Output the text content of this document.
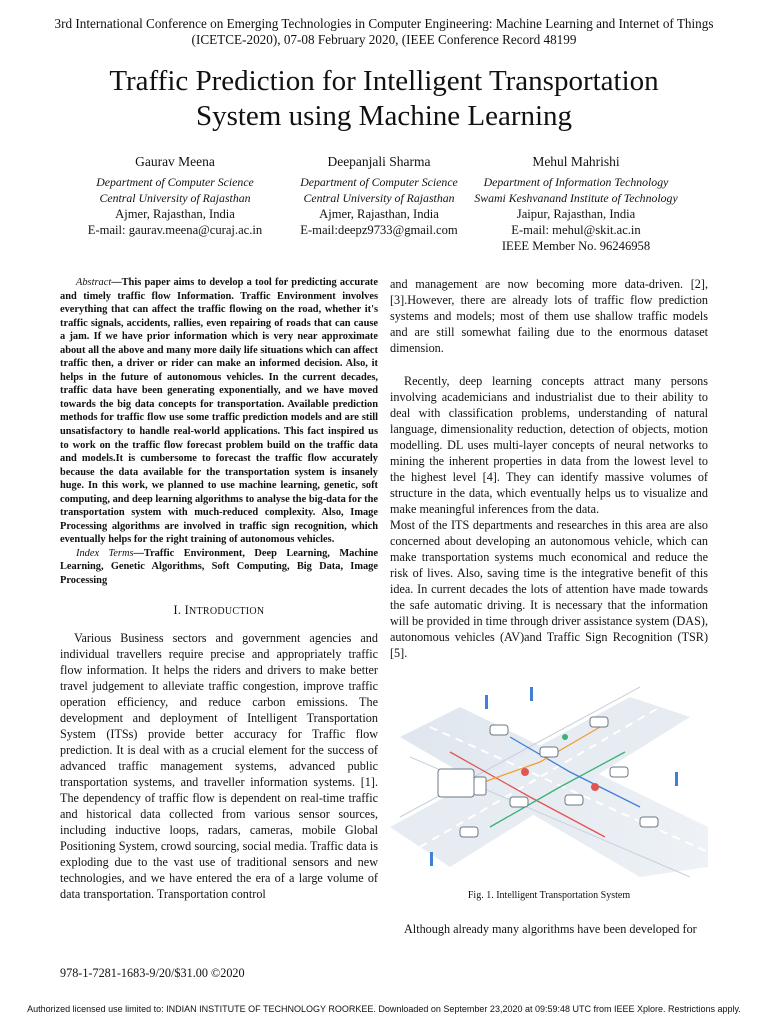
3rd International Conference on Emerging Technologies in Computer Engineering: Machine Learning and Internet of Things
(ICETCE-2020), 07-08 February 2020, (IEEE Conference Record 48199
Traffic Prediction for Intelligent Transportation
System using Machine Learning
Gaurav Meena
Department of Computer Science
Central University of Rajasthan
Ajmer, Rajasthan, India
E-mail: gaurav.meena@curaj.ac.in
Deepanjali Sharma
Department of Computer Science
Central University of Rajasthan
Ajmer, Rajasthan, India
E-mail:deepz9733@gmail.com
Mehul Mahrishi
Department of Information Technology
Swami Keshvanand Institute of Technology
Jaipur, Rajasthan, India
E-mail: mehul@skit.ac.in
IEEE Member No. 96246958

Abstract—This paper aims to develop a tool for predicting accurate and timely traffic flow Information. Traffic Environment involves everything that can affect the traffic flowing on the road, whether it's traffic signals, accidents, rallies, even repairing of roads that can cause a jam. If we have prior information which is very near approximate about all the above and many more daily life situations which can affect traffic then, a driver or rider can make an informed decision. Also, it helps in the future of autonomous vehicles. In the current decades, traffic data have been generating exponentially, and we have moved towards the big data concepts for transportation. Available prediction methods for traffic flow use some traffic prediction models and are still unsatisfactory to handle real-world applications. This fact inspired us to work on the traffic flow forecast problem build on the traffic data and models.It is cumbersome to forecast the traffic flow accurately because the data available for the transportation system is insanely huge. In this work, we planned to use machine learning, genetic, soft computing, and deep learning algorithms to analyse the big-data for the transportation system with much-reduced complexity. Also, Image Processing algorithms are involved in traffic sign recognition, which eventually helps for the right training of autonomous vehicles.

Index Terms—Traffic Environment, Deep Learning, Machine Learning, Genetic Algorithms, Soft Computing, Big Data, Image Processing

I. INTRODUCTION

Various Business sectors and government agencies and individual travellers require precise and appropriately traffic flow information. It helps the riders and drivers to make better travel judgement to alleviate traffic congestion, improve traffic operation efficiency, and reduce carbon emissions. The development and deployment of Intelligent Transportation System (ITSs) provide better accuracy for Traffic flow prediction. It is deal with as a crucial element for the success of advanced traffic management systems, advanced public transportation systems, and traveller information systems. [1]. The dependency of traffic flow is dependent on real-time traffic and historical data collected from various sensor sources, including inductive loops, radars, cameras, mobile Global Positioning System, crowd sourcing, social media. Traffic data is exploding due to the vast use of traditional sensors and new technologies, and we have entered the era of a large volume of data transportation. Transportation control

and management are now becoming more data-driven. [2], [3].However, there are already lots of traffic flow prediction systems and models; most of them use shallow traffic models and are still somewhat failing due to the enormous dataset dimension.

Recently, deep learning concepts attract many persons involving academicians and industrialist due to their ability to deal with classification problems, understanding of natural language, dimensionality reduction, detection of objects, motion modelling. DL uses multi-layer concepts of neural networks to mining the inherent properties in data from the lowest level to the highest level [4]. They can identify massive volumes of structure in the data, which eventually helps us to visualize and make meaningful inferences from the data.

Most of the ITS departments and researches in this area are also concerned about developing an autonomous vehicle, which can make transportation systems much economical and reduce the risk of lives. Also, saving time is the integrative benefit of this idea. In current decades the lots of attention have made towards the safe automatic driving. It is necessary that the information will be provided in time through driver assistance system (DAS), autonomous vehicles (AV)and Traffic Sign Recognition (TSR) [5].

Fig. 1. Intelligent Transportation System

Although already many algorithms have been developed for

978-1-7281-1683-9/20/$31.00 ©2020
Authorized licensed use limited to: INDIAN INSTITUTE OF TECHNOLOGY ROORKEE. Downloaded on September 23,2020 at 09:59:48 UTC from IEEE Xplore. Restrictions apply.
